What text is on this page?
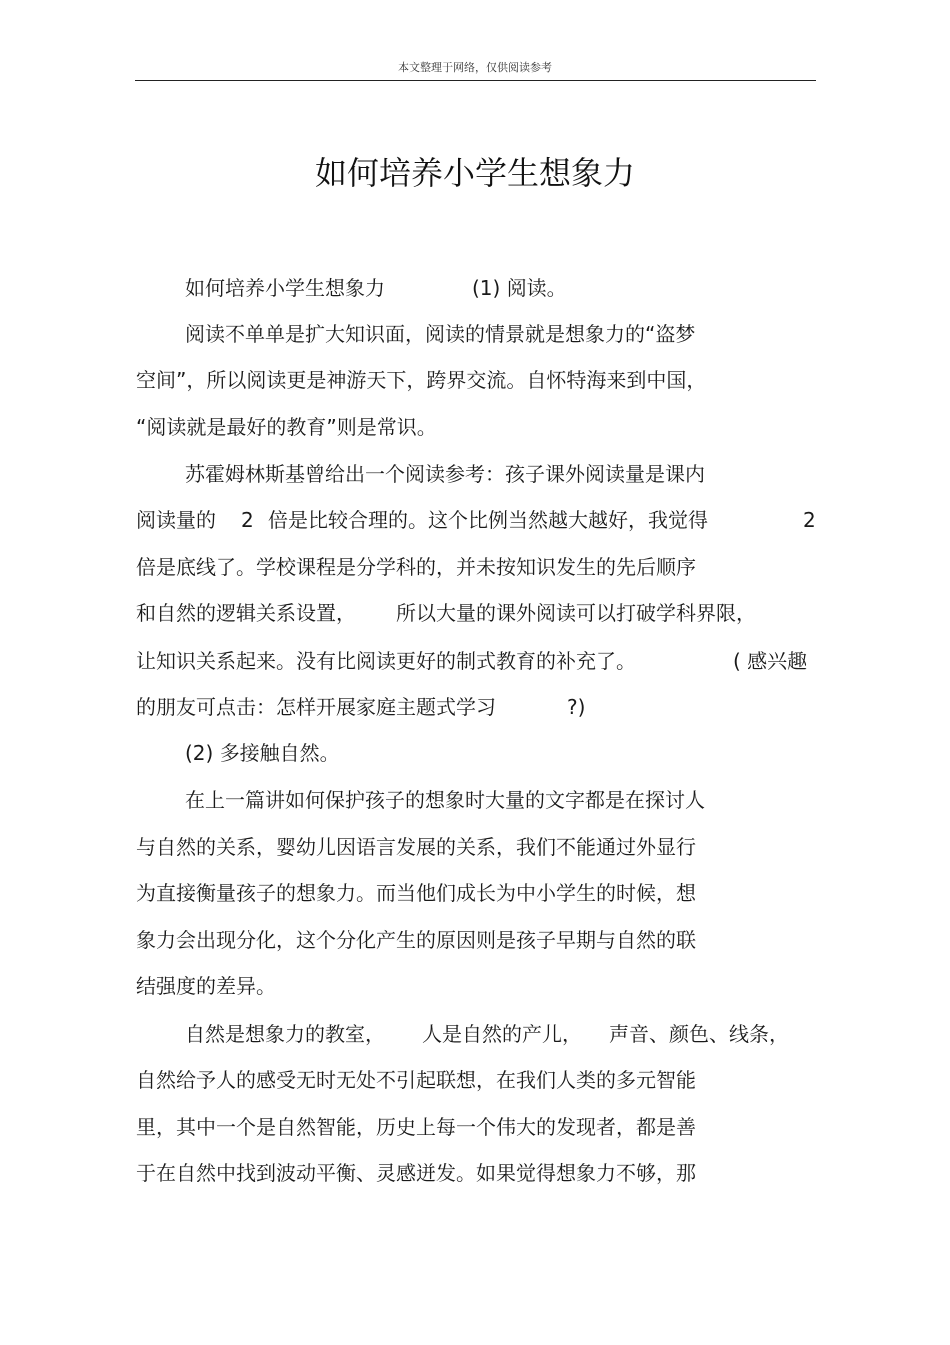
本文整理于网络，仅供阅读参考
如何培养小学生想象力
如何培养小学生想象力	(1) 阅读。
阅读不单单是扩大知识面，阅读的情景就是想象力的“盗梦
空间”，所以阅读更是神游天下，跨界交流。自怀特海来到中国，
“阅读就是最好的教育”则是常识。
苏霍姆林斯基曾给出一个阅读参考：孩子课外阅读量是课内
阅读量的 2 倍是比较合理的。这个比例当然越大越好，我觉得	2
倍是底线了。学校课程是分学科的，并未按知识发生的先后顺序
和自然的逻辑关系设置， 所以大量的课外阅读可以打破学科界限，
让知识关系起来。没有比阅读更好的制式教育的补充了。	( 感兴趣
的朋友可点击：怎样开展家庭主题式学习	?)
(2) 多接触自然。
在上一篇讲如何保护孩子的想象时大量的文字都是在探讨人
与自然的关系，婴幼儿因语言发展的关系，我们不能通过外显行
为直接衡量孩子的想象力。而当他们成长为中小学生的时候，想
象力会出现分化，这个分化产生的原因则是孩子早期与自然的联
结强度的差异。
自然是想象力的教室， 人是自然的产儿， 声音、颜色、线条，
自然给予人的感受无时无处不引起联想，在我们人类的多元智能
里，其中一个是自然智能，历史上每一个伟大的发现者，都是善
于在自然中找到波动平衡、灵感迸发。如果觉得想象力不够，那
